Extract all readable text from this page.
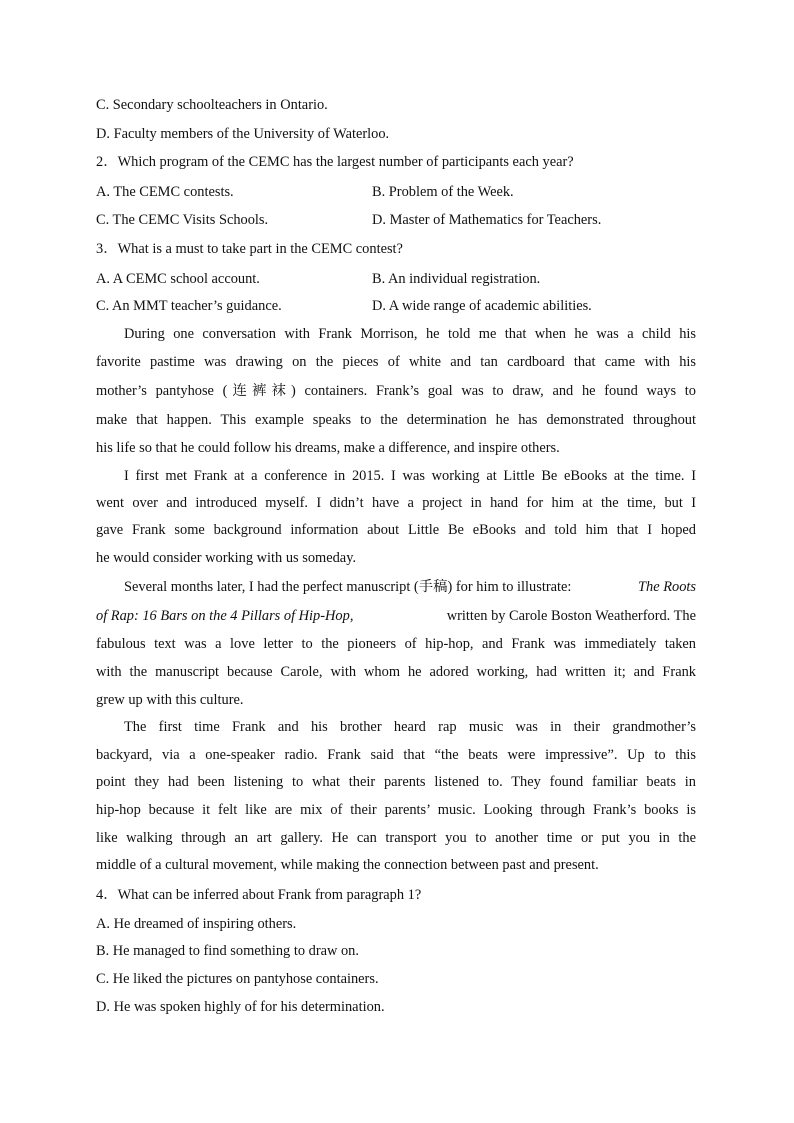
C. Secondary schoolteachers in Ontario.
D. Faculty members of the University of Waterloo.
2．Which program of the CEMC has the largest number of participants each year?
A. The CEMC contests.	B. Problem of the Week.
C. The CEMC Visits Schools.	D. Master of Mathematics for Teachers.
3．What is a must to take part in the CEMC contest?
A. A CEMC school account.	B. An individual registration.
C. An MMT teacher’s guidance.	D. A wide range of academic abilities.
During one conversation with Frank Morrison, he told me that when he was a child his
favorite pastime was drawing on the pieces of white and tan cardboard that came with his
mother’s pantyhose (连裤袜) containers. Frank’s goal was to draw, and he found ways to
make that happen. This example speaks to the determination he has demonstrated throughout
his life so that he could follow his dreams, make a difference, and inspire others.
I first met Frank at a conference in 2015. I was working at Little Be eBooks at the time. I
went over and introduced myself. I didn’t have a project in hand for him at the time, but I
gave Frank some background information about Little Be eBooks and told him that I hoped
he would consider working with us someday.
Several months later, I had the perfect manuscript (手稿) for him to illustrate:	The Roots
of Rap: 16 Bars on the 4 Pillars of Hip-Hop,	written by Carole Boston Weatherford. The
fabulous text was a love letter to the pioneers of hip-hop, and Frank was immediately taken
with the manuscript because Carole, with whom he adored working, had written it; and Frank
grew up with this culture.
The first time Frank and his brother heard rap music was in their grandmother’s
backyard, via a one-speaker radio. Frank said that “the beats were impressive”. Up to this
point they had been listening to what their parents listened to. They found familiar beats in
hip-hop because it felt like are mix of their parents’ music. Looking through Frank’s books is
like walking through an art gallery. He can transport you to another time or put you in the
middle of a cultural movement, while making the connection between past and present.
4．What can be inferred about Frank from paragraph 1?
A. He dreamed of inspiring others.
B. He managed to find something to draw on.
C. He liked the pictures on pantyhose containers.
D. He was spoken highly of for his determination.
